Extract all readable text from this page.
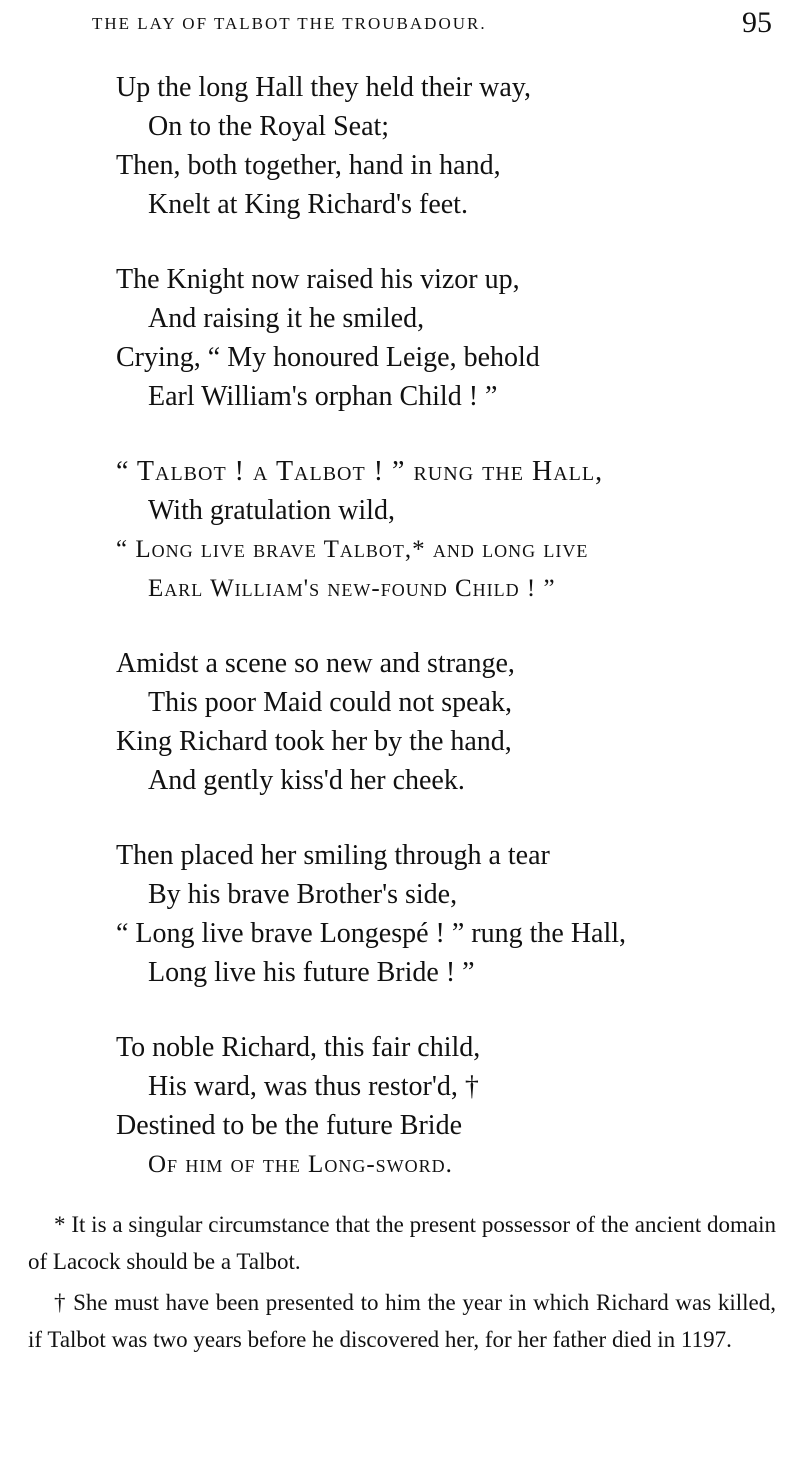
THE LAY OF TALBOT THE TROUBADOUR.	95
Up the long Hall they held their way,
On to the Royal Seat;
Then, both together, hand in hand,
Knelt at King Richard's feet.
The Knight now raised his vizor up,
And raising it he smiled,
Crying, “ My honoured Leige, behold
Earl William's orphan Child ! ”
“ Talbot ! a Talbot ! ” rung the Hall,
With gratulation wild,
“ Long live brave Talbot,* and long live
Earl William's new-found Child ! ”
Amidst a scene so new and strange,
This poor Maid could not speak,
King Richard took her by the hand,
And gently kiss'd her cheek.
Then placed her smiling through a tear
By his brave Brother's side,
“ Long live brave Longespé ! ” rung the Hall,
Long live his future Bride ! ”
To noble Richard, this fair child,
His ward, was thus restor'd, †
Destined to be the future Bride
Of him of the Long-sword.

* It is a singular circumstance that the present possessor of the ancient domain of Lacock should be a Talbot.

† She must have been presented to him the year in which Richard was killed, if Talbot was two years before he discovered her, for her father died in 1197.
